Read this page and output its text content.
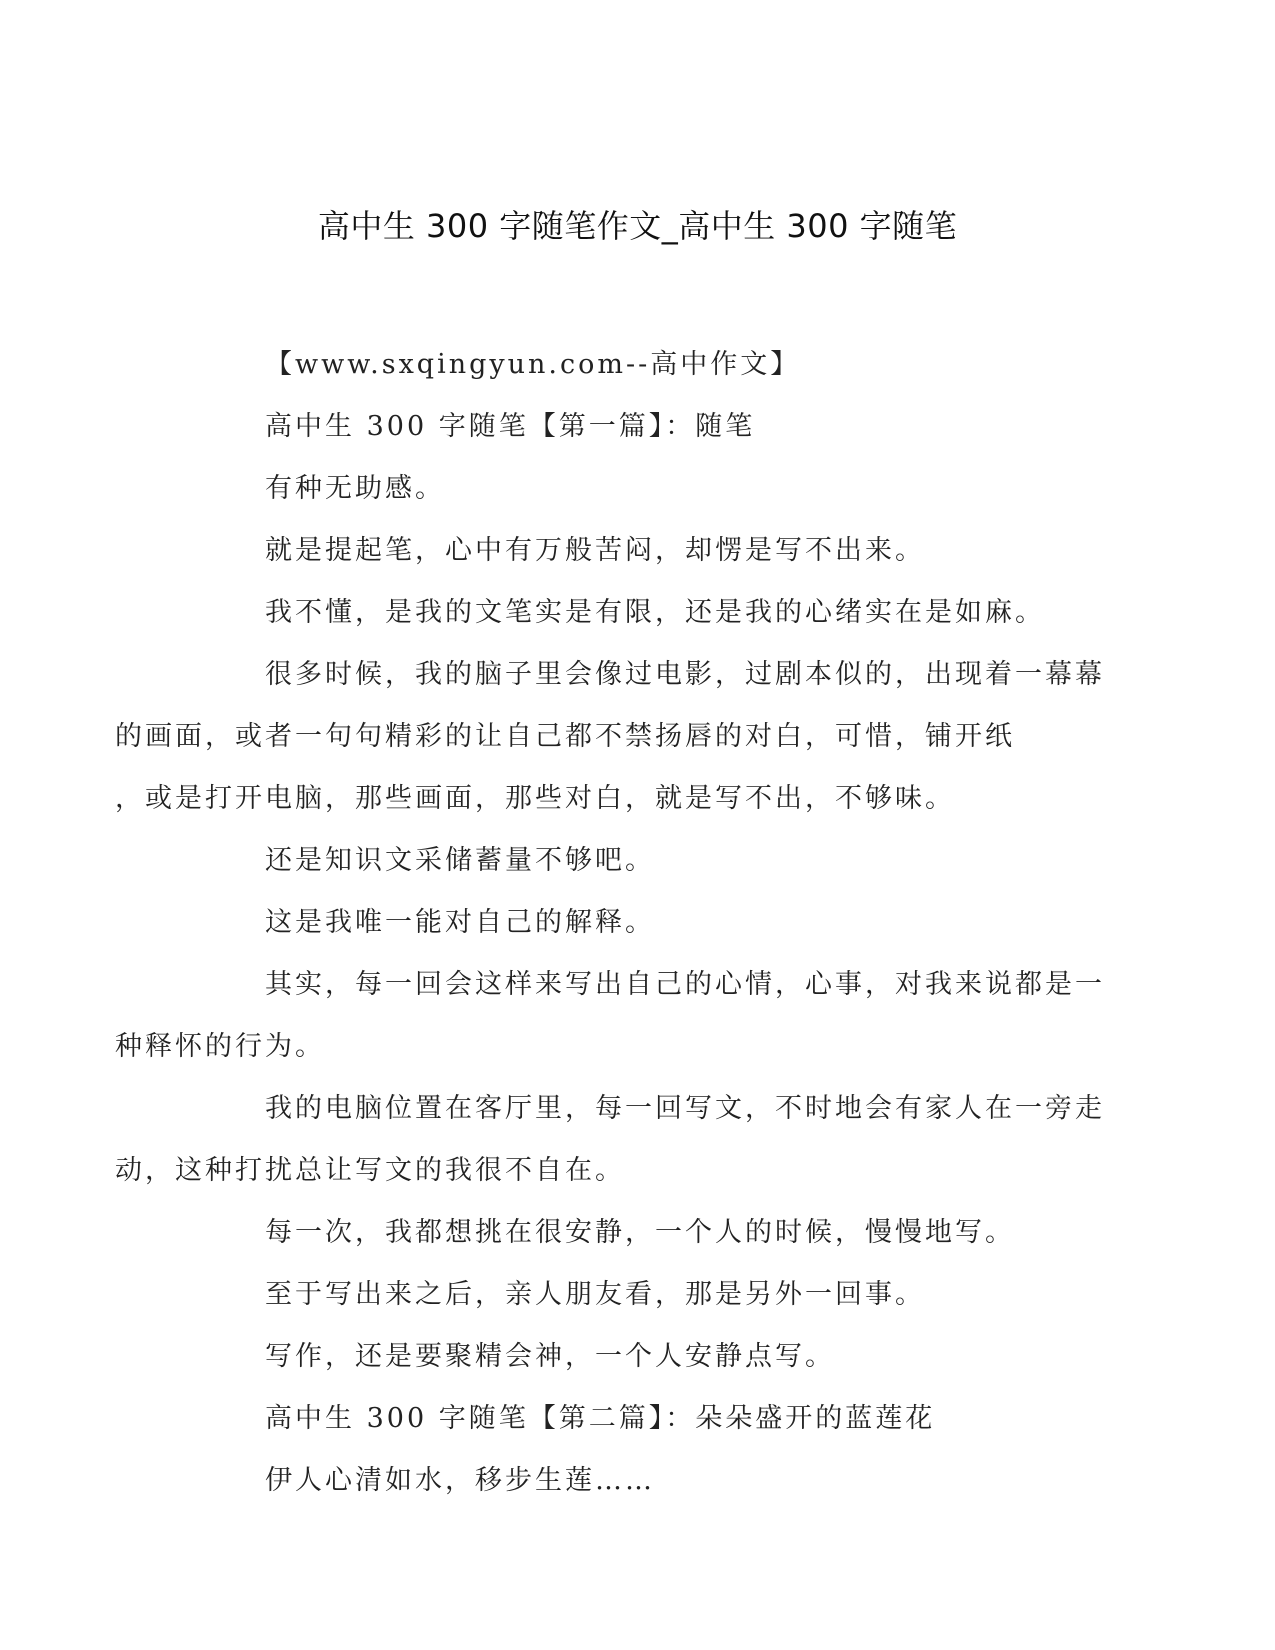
高中生 300 字随笔作文_高中生 300 字随笔

【www.sxqingyun.com--高中作文】

高中生 300 字随笔【第一篇】：随笔

有种无助感。

就是提起笔，心中有万般苦闷，却愣是写不出来。

我不懂，是我的文笔实是有限，还是我的心绪实在是如麻。

很多时候，我的脑子里会像过电影，过剧本似的，出现着一幕幕
的画面，或者一句句精彩的让自己都不禁扬唇的对白，可惜，铺开纸
，或是打开电脑，那些画面，那些对白，就是写不出，不够味。

还是知识文采储蓄量不够吧。

这是我唯一能对自己的解释。

其实，每一回会这样来写出自己的心情，心事，对我来说都是一
种释怀的行为。

我的电脑位置在客厅里，每一回写文，不时地会有家人在一旁走
动，这种打扰总让写文的我很不自在。

每一次，我都想挑在很安静，一个人的时候，慢慢地写。

至于写出来之后，亲人朋友看，那是另外一回事。

写作，还是要聚精会神，一个人安静点写。

高中生 300 字随笔【第二篇】：朵朵盛开的蓝莲花

伊人心清如水，移步生莲……
